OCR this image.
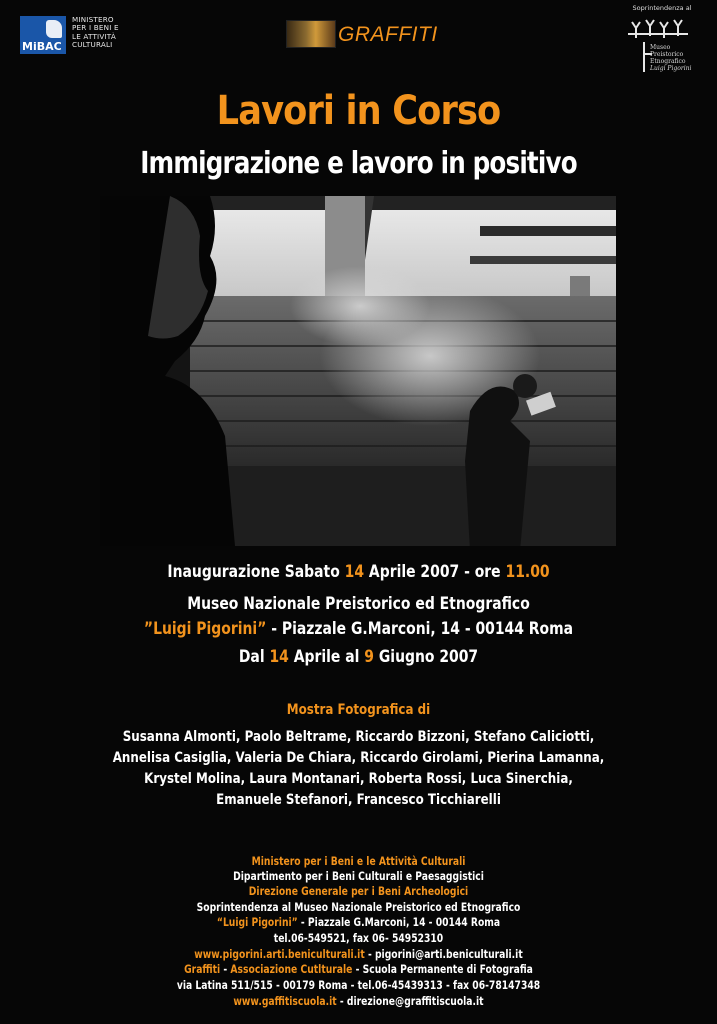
MiBAC
MINISTERO
PER I BENI E
LE ATTIVITÀ
CULTURALI	GRAFFITI
Soprintendenza al
Museo
Preistorico
Etnografico
Luigi Pigorini
Lavori in Corso
Immigrazione e lavoro in positivo
Inaugurazione Sabato 14 Aprile 2007 - ore 11.00
Museo Nazionale Preistorico ed Etnografico
”Luigi Pigorini” - Piazzale G.Marconi, 14 - 00144 Roma
Dal 14 Aprile al 9 Giugno 2007
Mostra Fotografica di
Susanna Almonti, Paolo Beltrame, Riccardo Bizzoni, Stefano Caliciotti,
Annelisa Casiglia, Valeria De Chiara, Riccardo Girolami, Pierina Lamanna,
Krystel Molina, Laura Montanari, Roberta Rossi, Luca Sinerchia,
Emanuele Stefanori, Francesco Ticchiarelli
Ministero per i Beni e le Attività Culturali
Dipartimento per i Beni Culturali e Paesaggistici
Direzione Generale per i Beni Archeologici
Soprintendenza al Museo Nazionale Preistorico ed Etnografico
“Luigi Pigorini” - Piazzale G.Marconi, 14 - 00144 Roma
tel.06-549521, fax 06- 54952310
www.pigorini.arti.beniculturali.it - pigorini@arti.beniculturali.it
Graffiti - Associazione Cutlturale - Scuola Permanente di Fotografia
via Latina 511/515 - 00179 Roma - tel.06-45439313 - fax 06-78147348
www.gaffitiscuola.it - direzione@graffitiscuola.it
